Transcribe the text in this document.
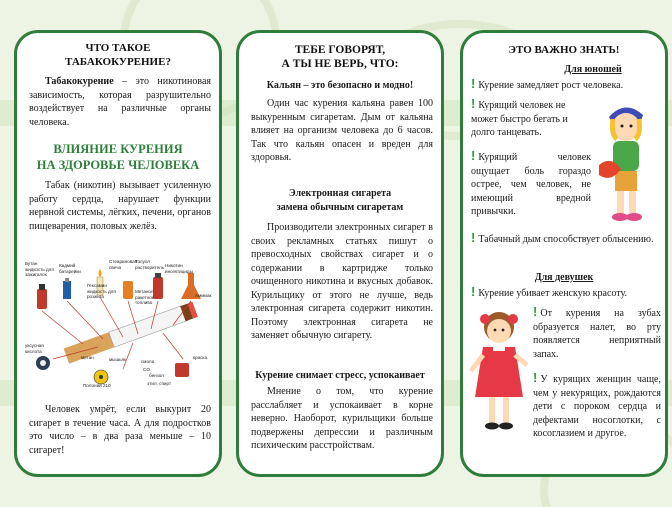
ЧТО ТАКОЕ
ТАБАКОКУРЕНИЕ?
Табакокурение – это никотиновая зависимость, которая разрушительно воздействует на различные органы человека.
ВЛИЯНИЕ КУРЕНИЯ
НА ЗДОРОВЬЕ ЧЕЛОВЕКА
Табак (никотин) вызывает усиленную работу сердца, нарушает функции нервной системы, лёгких, печени, органов пищеварения, половых желёз.
Бутан жидкость для зажигалок
Кадмий батарейки
Стеариновая свеча
Гексамин жидкость для розжига
Толуол растворитель
Метанол ракетное топливо
Никотин инсектициды
Аммиак
мышьяк
метан
уксусная кислота
CO
краска
Полоний 210
смола
бензол
этил. спирт
Человек умрёт, если выкурит 20 сигарет в течение часа. А для подростков это число – в два раза меньше – 10 сигарет!
ТЕБЕ ГОВОРЯТ,
А ТЫ НЕ ВЕРЬ, ЧТО:
Кальян – это безопасно и модно!
Один час курения кальяна равен 100 выкуренным сигаретам. Дым от кальяна влияет на организм человека до 6 часов. Так что кальян опасен и вреден для здоровья.
Электронная сигарета
замена обычным сигаретам
Производители электронных сигарет в своих рекламных статьях пишут о превосходных свойствах сигарет и о содержании в картридже только очищенного никотина и вкусных добавок. Курильщику от этого не лучше, ведь электронная сигарета содержит никотин. Поэтому электронная сигарета не заменяет обычную сигарету.
Курение снимает стресс, успокаивает
Мнение о том, что курение расслабляет и успокаивает в корне неверно. Наоборот, курильщики больше подвержены депрессии и различным психическим расстройствам.
ЭТО ВАЖНО ЗНАТЬ!
Для юношей
! Курение замедляет рост человека.
! Курящий человек не может быстро бегать и долго танцевать.
! Курящий человек ощущает боль гораздо острее, чем человек, не имеющий вредной привычки.
! Табачный дым способствует облысению.
Для девушек
! Курение убивает женскую красоту.
! От курения на зубах образуется налет, во рту появляется неприятный запах.
! У курящих женщин чаще, чем у некурящих, рождаются дети с пороком сердца и дефектами носоглотки, с косоглазием и другое.
